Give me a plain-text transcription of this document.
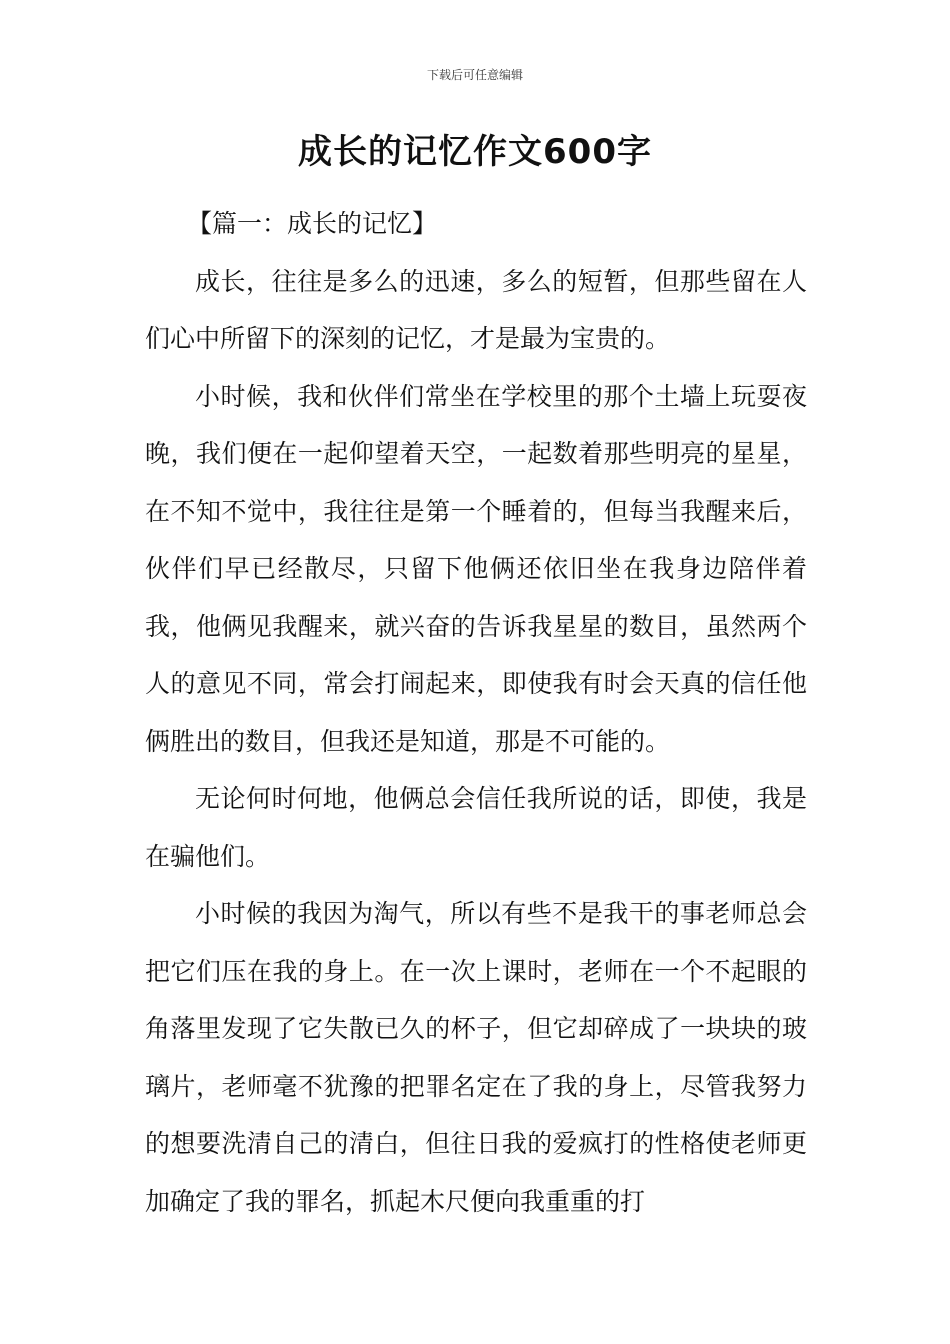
下载后可任意编辑
成长的记忆作文600字
【篇一：成长的记忆】

成长，往往是多么的迅速，多么的短暂，但那些留在人们心中所留下的深刻的记忆，才是最为宝贵的。

小时候，我和伙伴们常坐在学校里的那个土墙上玩耍夜晚，我们便在一起仰望着天空，一起数着那些明亮的星星，在不知不觉中，我往往是第一个睡着的，但每当我醒来后，伙伴们早已经散尽，只留下他俩还依旧坐在我身边陪伴着我，他俩见我醒来，就兴奋的告诉我星星的数目，虽然两个人的意见不同，常会打闹起来，即使我有时会天真的信任他俩胜出的数目，但我还是知道，那是不可能的。

无论何时何地，他俩总会信任我所说的话，即使，我是在骗他们。

小时候的我因为淘气，所以有些不是我干的事老师总会把它们压在我的身上。在一次上课时，老师在一个不起眼的角落里发现了它失散已久的杯子，但它却碎成了一块块的玻璃片，老师毫不犹豫的把罪名定在了我的身上，尽管我努力的想要洗清自己的清白，但往日我的爱疯打的性格使老师更加确定了我的罪名，抓起木尺便向我重重的打
